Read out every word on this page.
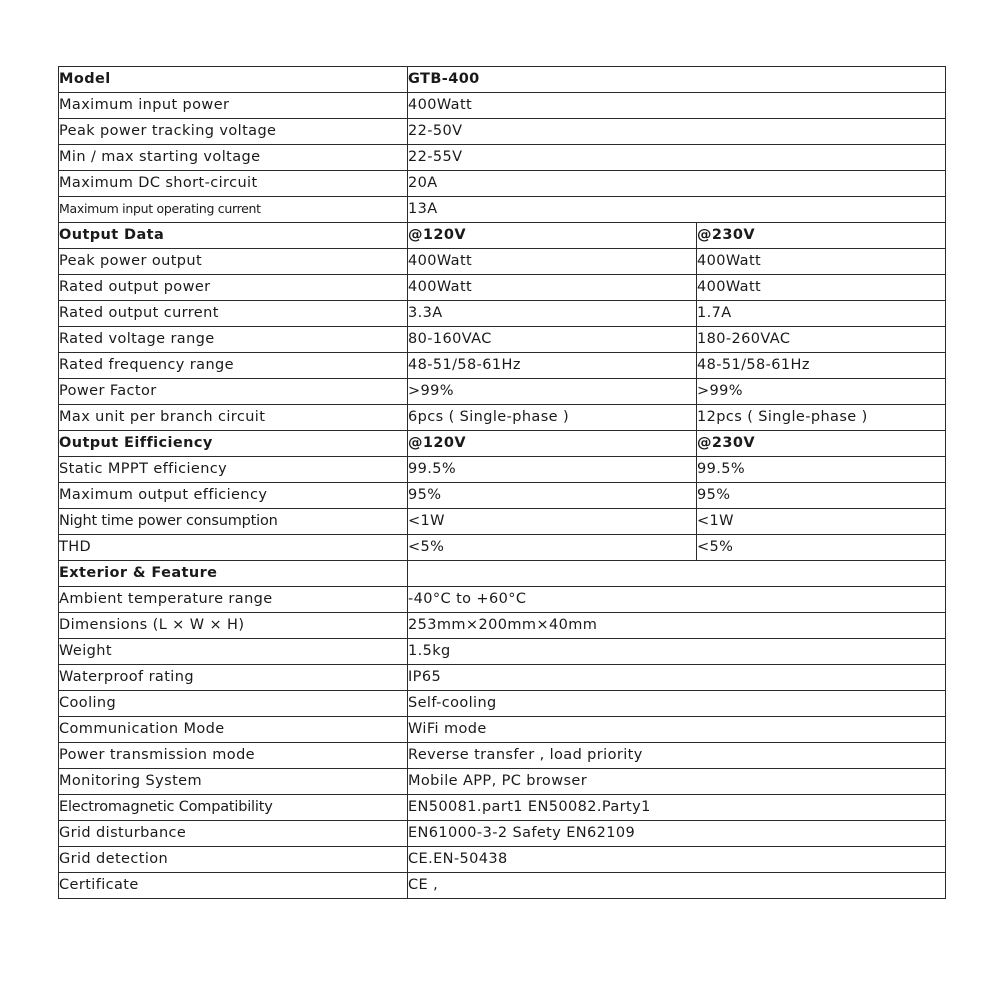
Model	GTB-400	
Maximum input power	400Watt	
Peak power tracking voltage	22-50V	
Min / max starting voltage	22-55V	
Maximum DC short-circuit	20A	
Maximum input operating current	13A	
Output Data	@120V	@230V
Peak power output	400Watt	400Watt
Rated output power	400Watt	400Watt
Rated output current	3.3A	1.7A
Rated voltage range	80-160VAC	180-260VAC
Rated frequency range	48-51/58-61Hz	48-51/58-61Hz
Power Factor	>99%	>99%
Max unit per branch circuit	6pcs ( Single-phase )	12pcs ( Single-phase )
Output Eifficiency	@120V	@230V
Static MPPT efficiency	99.5%	99.5%
Maximum output efficiency	95%	95%
Night time power consumption	<1W	<1W
THD	<5%	<5%
Exterior & Feature		
Ambient temperature range	-40°C to +60°C	
Dimensions (L × W × H)	253mm×200mm×40mm	
Weight	1.5kg	
Waterproof rating	IP65	
Cooling	Self-cooling	
Communication Mode	WiFi mode	
Power transmission mode	Reverse transfer , load priority	
Monitoring System	Mobile APP, PC browser	
Electromagnetic Compatibility	EN50081.part1 EN50082.Party1	
Grid disturbance	EN61000-3-2 Safety EN62109	
Grid detection	CE.EN-50438	
Certificate	CE ,	
